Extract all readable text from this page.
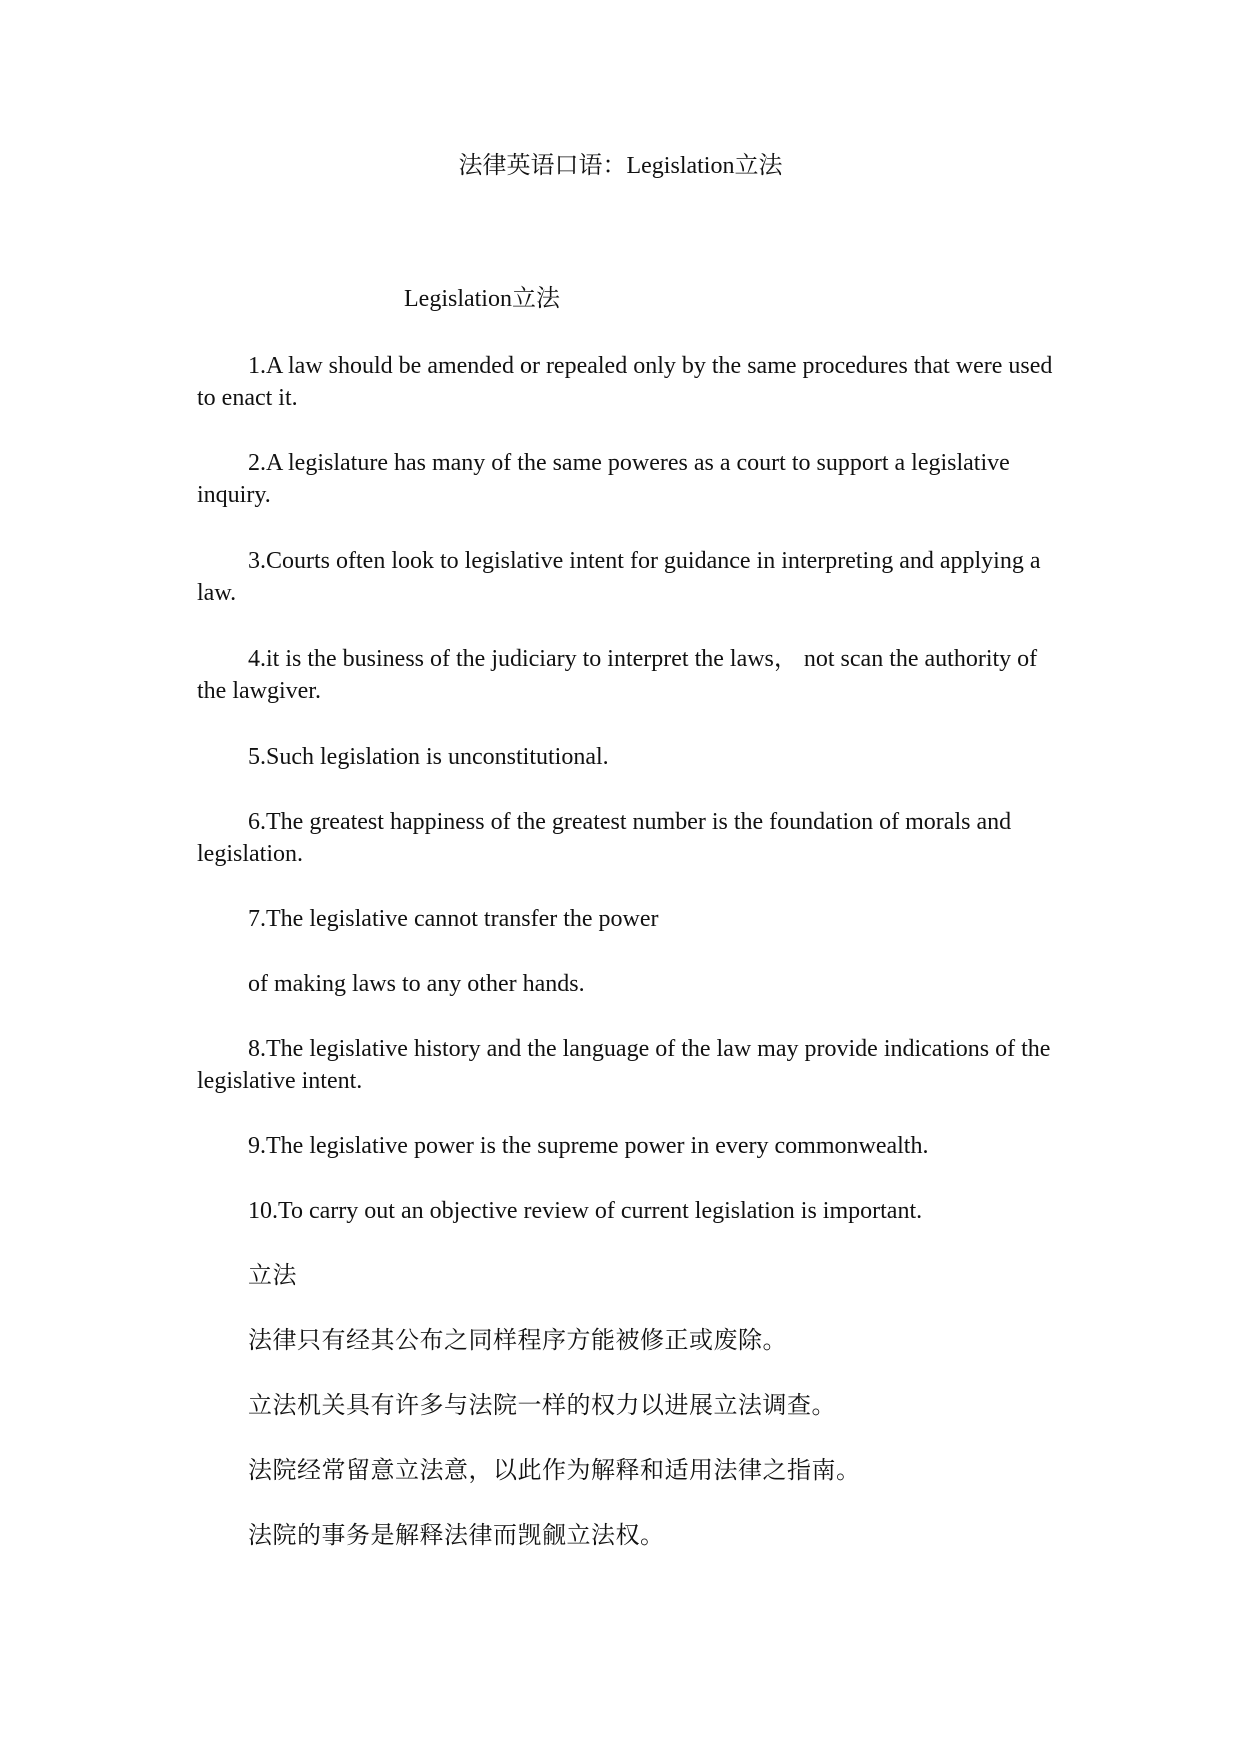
法律英语口语：Legislation立法
Legislation立法

1.A law should be amended or repealed only by the same procedures that were used to enact it.

2.A legislature has many of the same poweres as a court to support a legislative inquiry.

3.Courts often look to legislative intent for guidance in interpreting and applying a law.

4.it is the business of the judiciary to interpret the laws， not scan the authority of the lawgiver.

5.Such legislation is unconstitutional.

6.The greatest happiness of the greatest number is the foundation of morals and legislation.

7.The legislative cannot transfer the power

of making laws to any other hands.

8.The legislative history and the language of the law may provide indications of the legislative intent.

9.The legislative power is the supreme power in every commonwealth.

10.To carry out an objective review of current legislation is important.

立法

法律只有经其公布之同样程序方能被修正或废除。

立法机关具有许多与法院一样的权力以进展立法调查。

法院经常留意立法意，以此作为解释和适用法律之指南。

法院的事务是解释法律而觊觎立法权。
